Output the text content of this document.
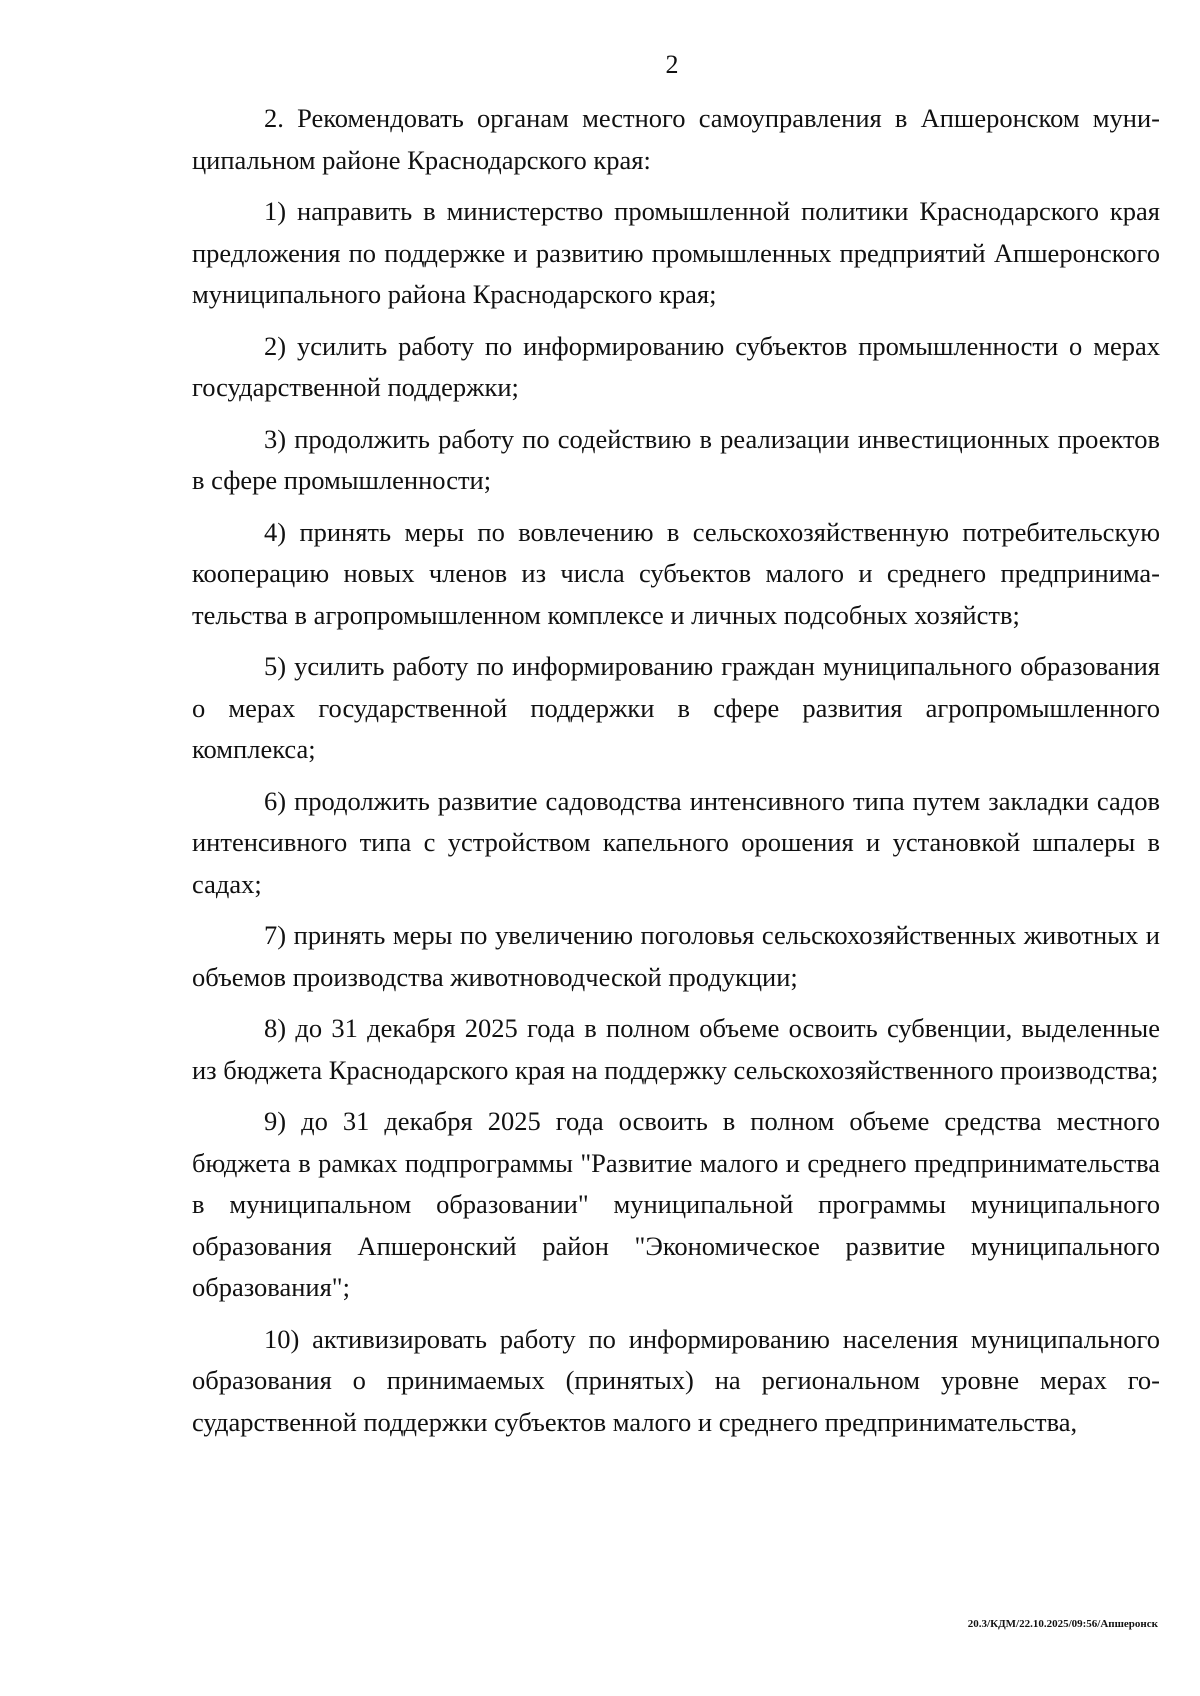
2

2. Рекомендовать органам местного самоуправления в Апшеронском муниципальном районе Краснодарского края:

1) направить в министерство промышленной политики Краснодарского края предложения по поддержке и развитию промышленных предприятий Апшеронского муниципального района Краснодарского края;

2) усилить работу по информированию субъектов промышленности о мерах государственной поддержки;

3) продолжить работу по содействию в реализации инвестиционных проектов в сфере промышленности;

4) принять меры по вовлечению в сельскохозяйственную потребительскую кооперацию новых членов из числа субъектов малого и среднего предпринимательства в агропромышленном комплексе и личных подсобных хозяйств;

5) усилить работу по информированию граждан муниципального образования о мерах государственной поддержки в сфере развития агропромышленного комплекса;

6) продолжить развитие садоводства интенсивного типа путем закладки садов интенсивного типа с устройством капельного орошения и установкой шпалеры в садах;

7) принять меры по увеличению поголовья сельскохозяйственных животных и объемов производства животноводческой продукции;

8) до 31 декабря 2025 года в полном объеме освоить субвенции, выделенные из бюджета Краснодарского края на поддержку сельскохозяйственного производства;

9) до 31 декабря 2025 года освоить в полном объеме средства местного бюджета в рамках подпрограммы "Развитие малого и среднего предпринимательства в муниципальном образовании" муниципальной программы муниципального образования Апшеронский район "Экономическое развитие муниципального образования";

10) активизировать работу по информированию населения муниципального образования о принимаемых (принятых) на региональном уровне мерах государственной поддержки субъектов малого и среднего предпринимательства,

20.3/КДМ/22.10.2025/09:56/Апшеронск
